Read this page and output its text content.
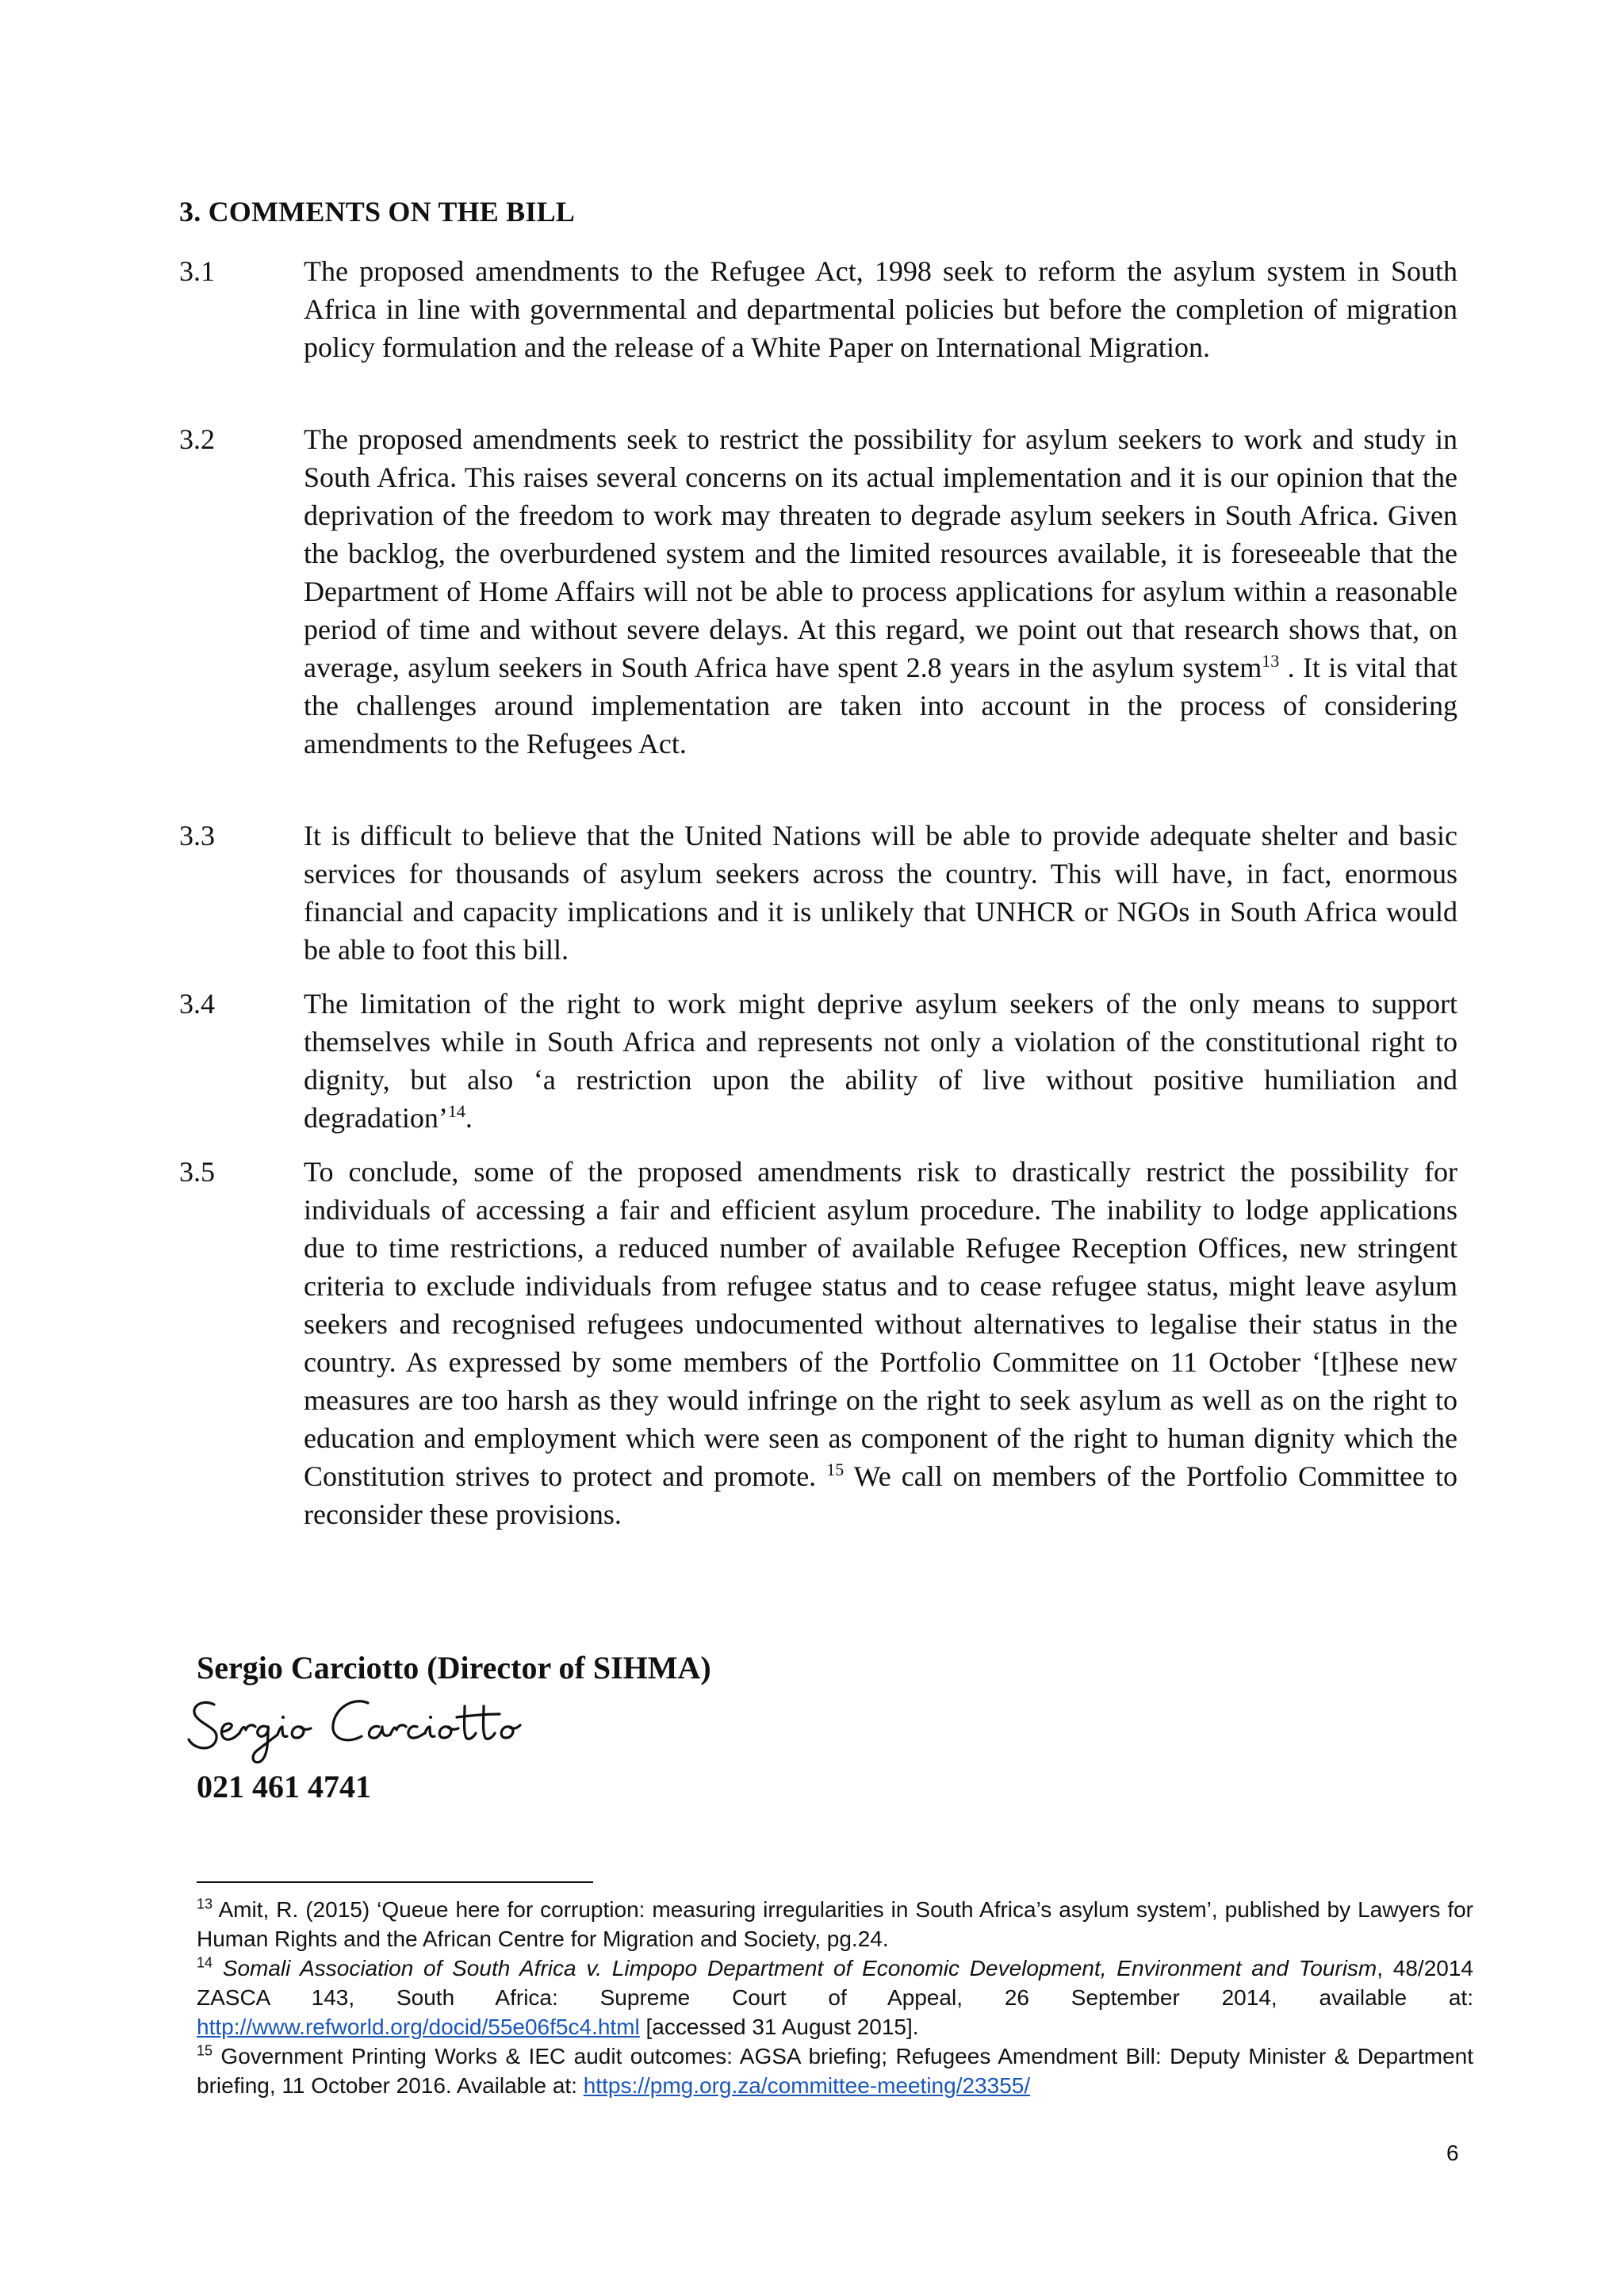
3. COMMENTS ON THE BILL
3.1	The proposed amendments to the Refugee Act, 1998 seek to reform the asylum system in South Africa in line with governmental and departmental policies but before the completion of migration policy formulation and the release of a White Paper on International Migration.
3.2	The proposed amendments seek to restrict the possibility for asylum seekers to work and study in South Africa. This raises several concerns on its actual implementation and it is our opinion that the deprivation of the freedom to work may threaten to degrade asylum seekers in South Africa. Given the backlog, the overburdened system and the limited resources available, it is foreseeable that the Department of Home Affairs will not be able to process applications for asylum within a reasonable period of time and without severe delays. At this regard, we point out that research shows that, on average, asylum seekers in South Africa have spent 2.8 years in the asylum system$^{13}$ . It is vital that the challenges around implementation are taken into account in the process of considering amendments to the Refugees Act.
3.3	It is difficult to believe that the United Nations will be able to provide adequate shelter and basic services for thousands of asylum seekers across the country. This will have, in fact, enormous financial and capacity implications and it is unlikely that UNHCR or NGOs in South Africa would be able to foot this bill.
3.4	The limitation of the right to work might deprive asylum seekers of the only means to support themselves while in South Africa and represents not only a violation of the constitutional right to dignity, but also ‘a restriction upon the ability of live without positive humiliation and degradation’$^{14}$.
3.5	To conclude, some of the proposed amendments risk to drastically restrict the possibility for individuals of accessing a fair and efficient asylum procedure. The inability to lodge applications due to time restrictions, a reduced number of available Refugee Reception Offices, new stringent criteria to exclude individuals from refugee status and to cease refugee status, might leave asylum seekers and recognised refugees undocumented without alternatives to legalise their status in the country. As expressed by some members of the Portfolio Committee on 11 October ‘[t]hese new measures are too harsh as they would infringe on the right to seek asylum as well as on the right to education and employment which were seen as component of the right to human dignity which the Constitution strives to protect and promote. $^{15}$ We call on members of the Portfolio Committee to reconsider these provisions.
Sergio Carciotto (Director of SIHMA)
021 461 4741

$^{13}$ Amit, R. (2015) ‘Queue here for corruption: measuring irregularities in South Africa’s asylum system’, published by Lawyers for Human Rights and the African Centre for Migration and Society, pg.24.

$^{14}$ Somali Association of South Africa v. Limpopo Department of Economic Development, Environment and Tourism, 48/2014 ZASCA 143, South Africa: Supreme Court of Appeal, 26 September 2014, available at: http://www.refworld.org/docid/55e06f5c4.html [accessed 31 August 2015].

$^{15}$ Government Printing Works & IEC audit outcomes: AGSA briefing; Refugees Amendment Bill: Deputy Minister & Department briefing, 11 October 2016. Available at: https://pmg.org.za/committee-meeting/23355/

6
